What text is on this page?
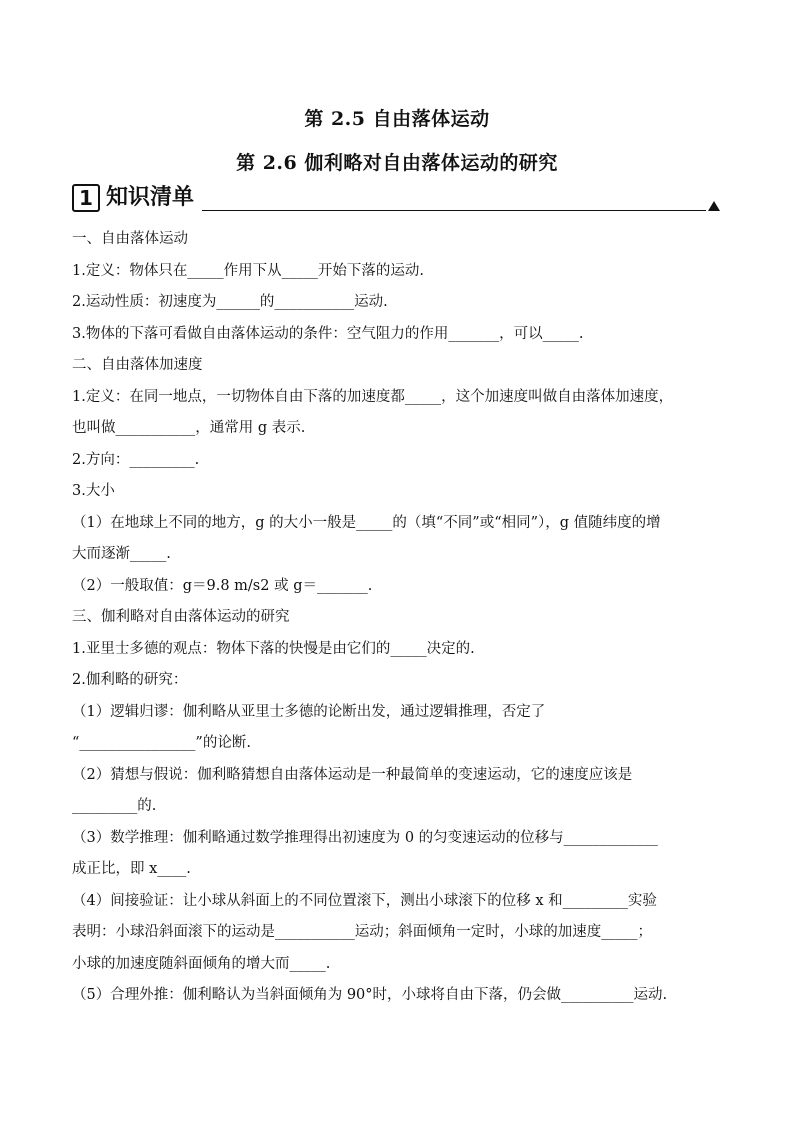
第 2.5 自由落体运动
第 2.6 伽利略对自由落体运动的研究
1 知识清单
一、自由落体运动
1.定义：物体只在_____作用下从_____开始下落的运动.
2.运动性质：初速度为______的___________运动.
3.物体的下落可看做自由落体运动的条件：空气阻力的作用_______，可以_____.
二、自由落体加速度
1.定义：在同一地点，一切物体自由下落的加速度都_____，这个加速度叫做自由落体加速度，
也叫做___________，通常用 g 表示.
2.方向：_________.
3.大小
（1）在地球上不同的地方，g 的大小一般是_____的（填“不同”或“相同”），g 值随纬度的增
大而逐渐_____.
（2）一般取值：g＝9.8 m/s2 或 g＝_______.
三、伽利略对自由落体运动的研究
1.亚里士多德的观点：物体下落的快慢是由它们的_____决定的.
2.伽利略的研究：
（1）逻辑归谬：伽利略从亚里士多德的论断出发，通过逻辑推理，否定了
“________________”的论断.
（2）猜想与假说：伽利略猜想自由落体运动是一种最简单的变速运动，它的速度应该是
_________的.
（3）数学推理：伽利略通过数学推理得出初速度为 0 的匀变速运动的位移与_____________
成正比，即 x____.
（4）间接验证：让小球从斜面上的不同位置滚下，测出小球滚下的位移 x 和_________实验
表明：小球沿斜面滚下的运动是___________运动；斜面倾角一定时，小球的加速度_____；
小球的加速度随斜面倾角的增大而_____.
（5）合理外推：伽利略认为当斜面倾角为 90°时，小球将自由下落，仍会做__________运动.
